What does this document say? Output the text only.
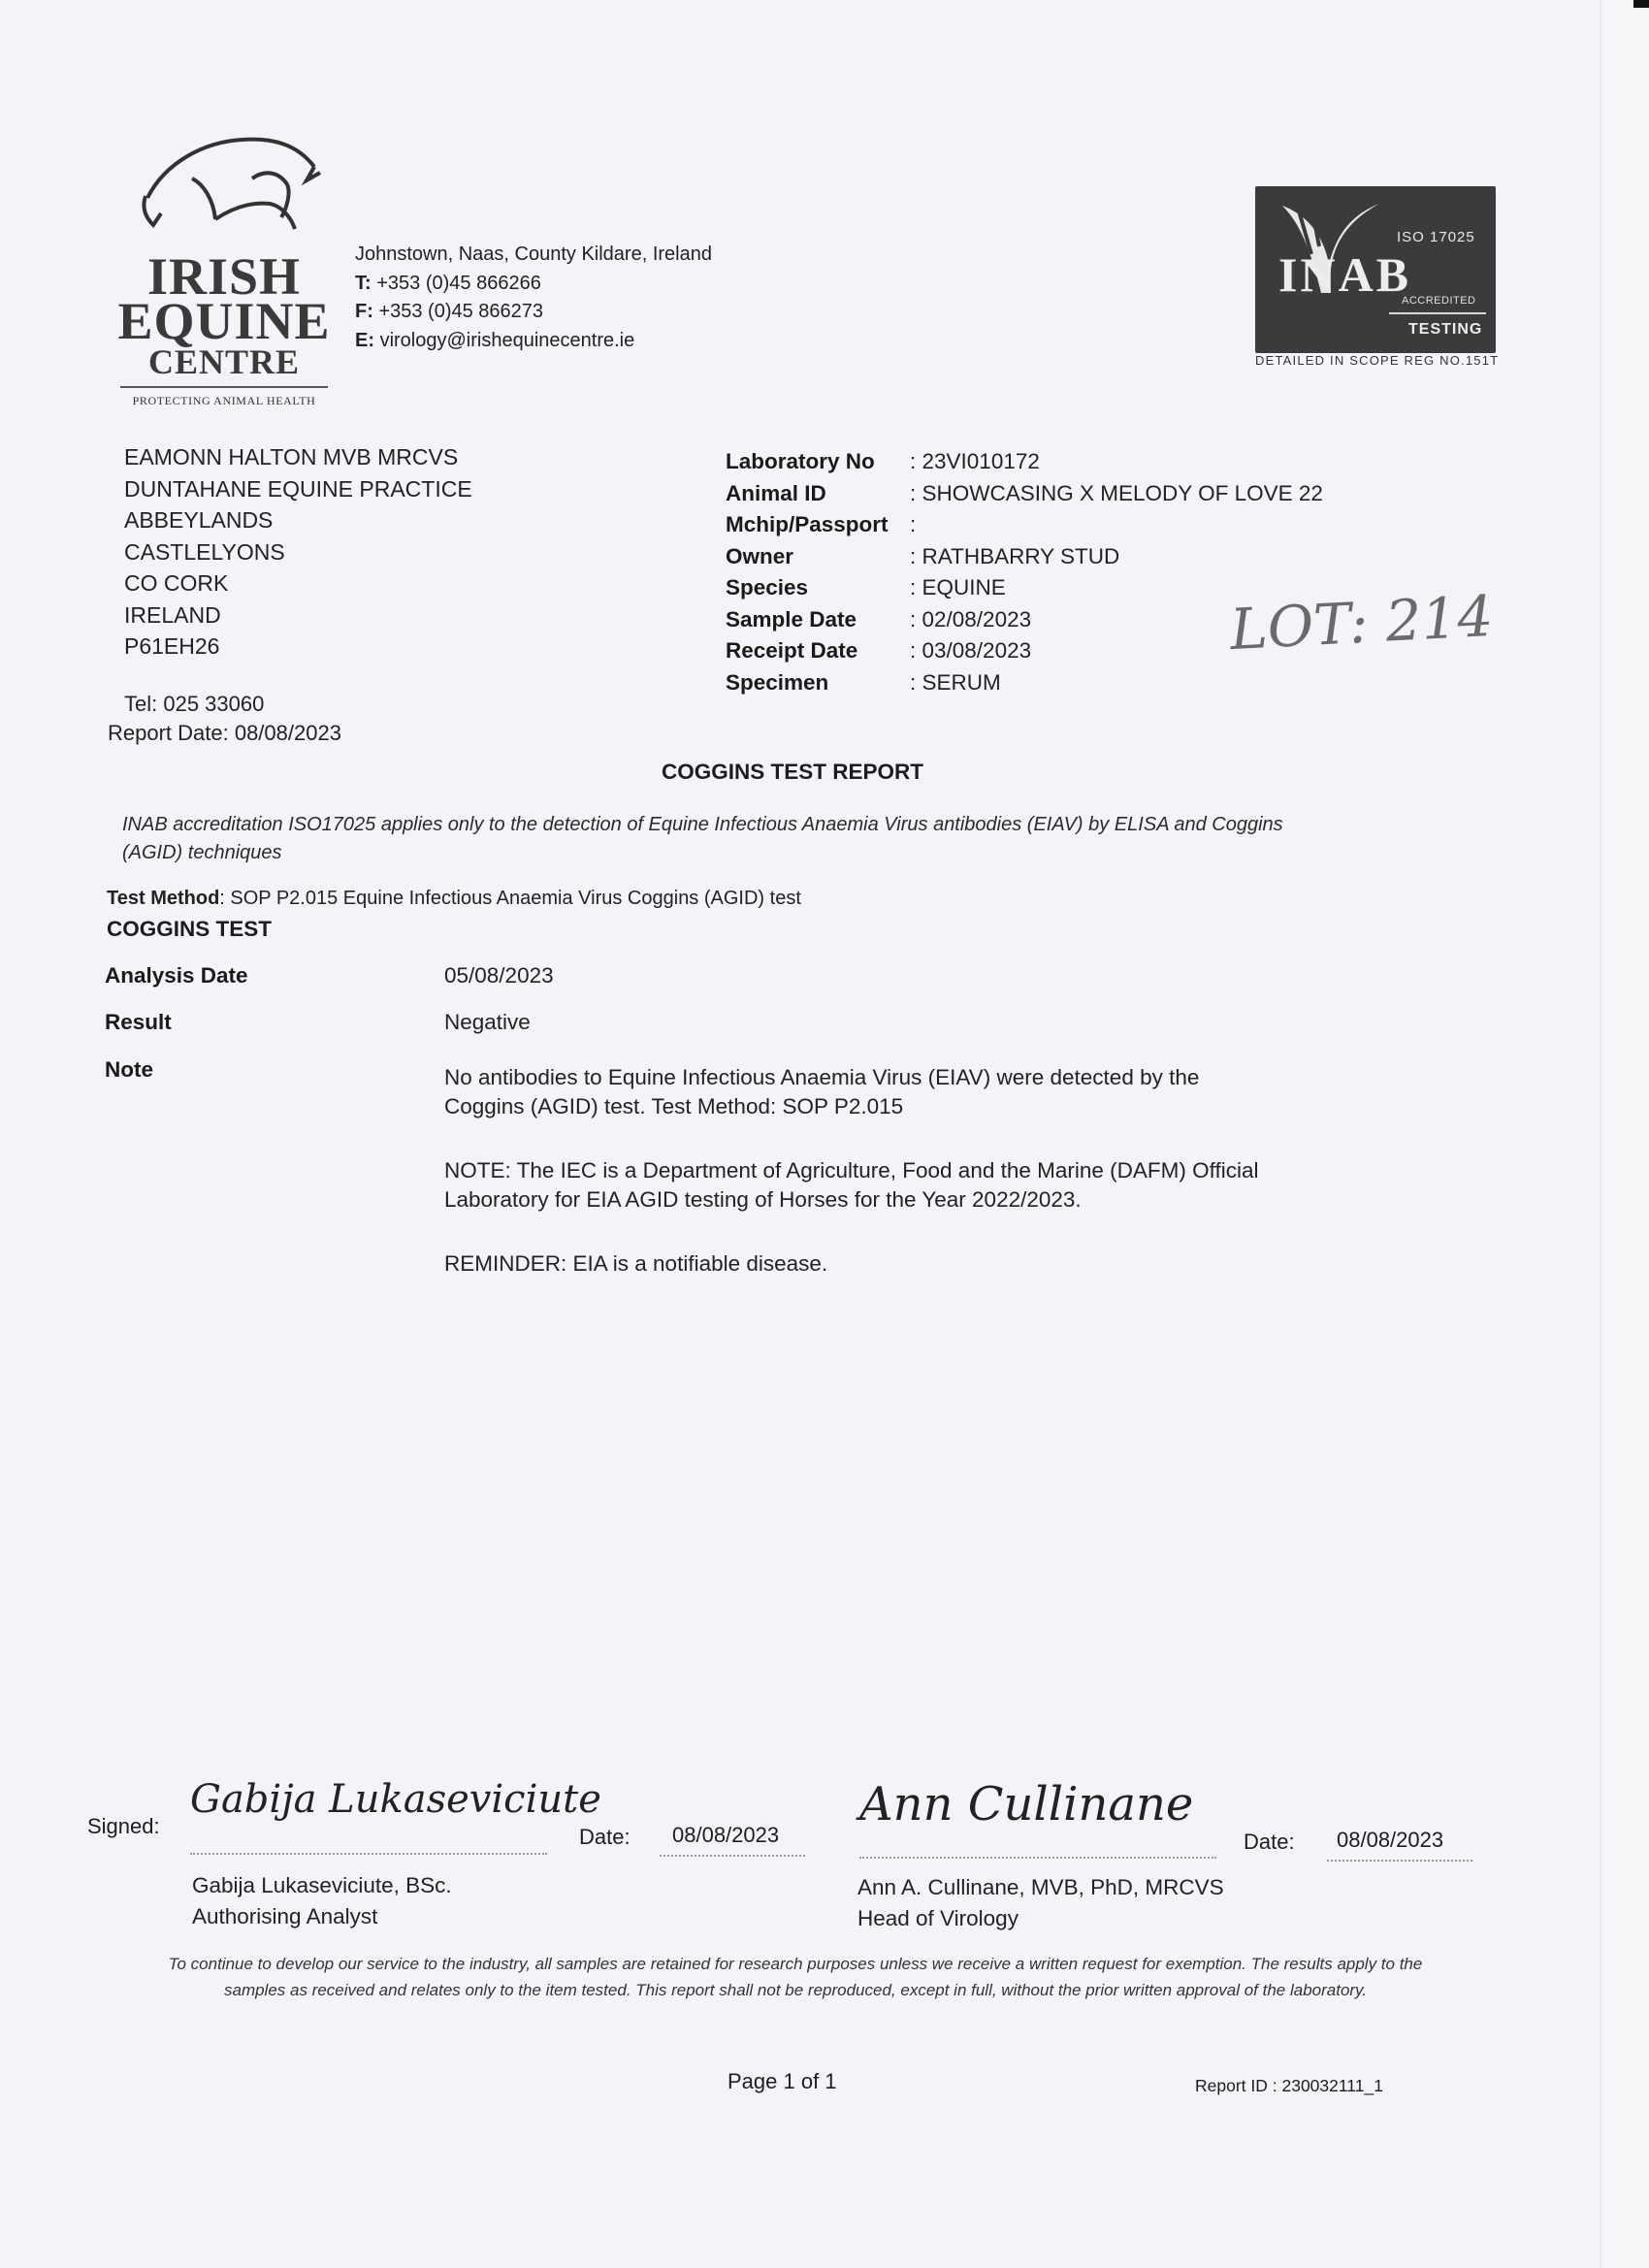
IRISH
EQUINE
CENTRE
PROTECTING ANIMAL HEALTH
Johnstown, Naas, County Kildare, Ireland
T: +353 (0)45 866266
F: +353 (0)45 866273
E: virology@irishequinecentre.ie
ISO 17025
INAB
ACCREDITED
TESTING
DETAILED IN SCOPE REG NO.151T
EAMONN HALTON MVB MRCVS
DUNTAHANE EQUINE PRACTICE
ABBEYLANDS
CASTLELYONS
CO CORK
IRELAND
P61EH26
Tel: 025 33060
Report Date: 08/08/2023
Laboratory No	: 23VI010172
Animal ID	: SHOWCASING X MELODY OF LOVE 22
Mchip/Passport :
Owner	: RATHBARRY STUD
Species	: EQUINE
Sample Date	: 02/08/2023
Receipt Date	: 03/08/2023
Specimen	: SERUM
LOT: 214
COGGINS TEST REPORT
INAB accreditation ISO17025 applies only to the detection of Equine Infectious Anaemia Virus antibodies (EIAV) by ELISA and Coggins (AGID) techniques
Test Method: SOP P2.015 Equine Infectious Anaemia Virus Coggins (AGID) test
COGGINS TEST
Analysis Date	05/08/2023
Result	Negative
Note	No antibodies to Equine Infectious Anaemia Virus (EIAV) were detected by the Coggins (AGID) test. Test Method: SOP P2.015

NOTE: The IEC is a Department of Agriculture, Food and the Marine (DAFM) Official Laboratory for EIA AGID testing of Horses for the Year 2022/2023.

REMINDER: EIA is a notifiable disease.

Signed:
Gabija Lukaseviciute
Date: 08/08/2023
Gabija Lukaseviciute, BSc.
Authorising Analyst
Ann Cullinane
Date: 08/08/2023
Ann A. Cullinane, MVB, PhD, MRCVS
Head of Virology
To continue to develop our service to the industry, all samples are retained for research purposes unless we receive a written request for exemption. The results apply to the samples as received and relates only to the item tested. This report shall not be reproduced, except in full, without the prior written approval of the laboratory.
Page 1 of 1	Report ID : 230032111_1
